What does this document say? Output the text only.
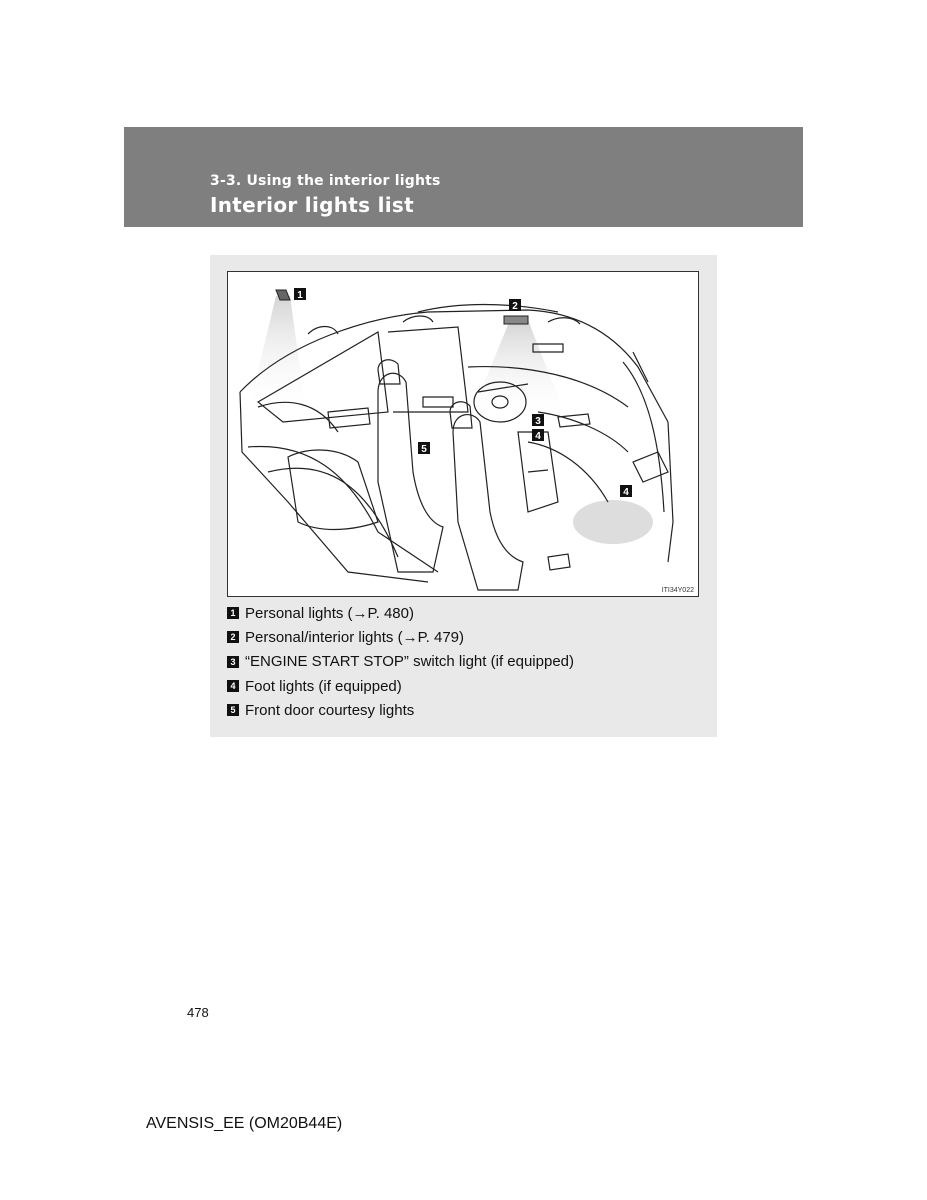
3-3. Using the interior lights
Interior lights list
1
2
3
4
5
4
ITI34Y022
1 Personal lights (→P. 480)
2 Personal/interior lights (→P. 479)
3 “ENGINE START STOP” switch light (if equipped)
4 Foot lights (if equipped)
5 Front door courtesy lights
478
AVENSIS_EE (OM20B44E)
